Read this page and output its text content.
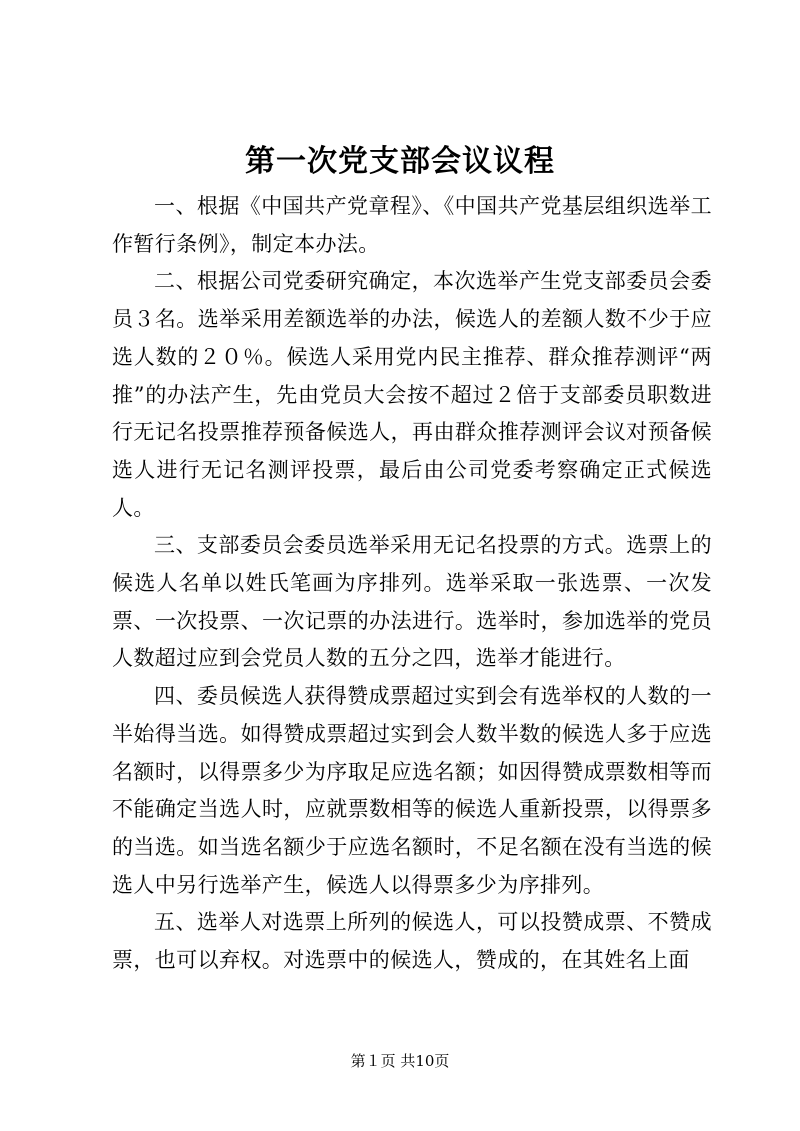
第一次党支部会议议程

一、根据《中国共产党章程》、《中国共产党基层组织选举工作暂行条例》，制定本办法。

二、根据公司党委研究确定，本次选举产生党支部委员会委员３名。选举采用差额选举的办法，候选人的差额人数不少于应选人数的２０％。候选人采用党内民主推荐、群众推荐测评“两推”的办法产生，先由党员大会按不超过２倍于支部委员职数进行无记名投票推荐预备候选人，再由群众推荐测评会议对预备候选人进行无记名测评投票，最后由公司党委考察确定正式候选人。

三、支部委员会委员选举采用无记名投票的方式。选票上的候选人名单以姓氏笔画为序排列。选举采取一张选票、一次发票、一次投票、一次记票的办法进行。选举时，参加选举的党员人数超过应到会党员人数的五分之四，选举才能进行。

四、委员候选人获得赞成票超过实到会有选举权的人数的一半始得当选。如得赞成票超过实到会人数半数的候选人多于应选名额时，以得票多少为序取足应选名额；如因得赞成票数相等而不能确定当选人时，应就票数相等的候选人重新投票，以得票多的当选。如当选名额少于应选名额时，不足名额在没有当选的候选人中另行选举产生，候选人以得票多少为序排列。

五、选举人对选票上所列的候选人，可以投赞成票、不赞成票，也可以弃权。对选票中的候选人，赞成的，在其姓名上面

第１页 共10页
